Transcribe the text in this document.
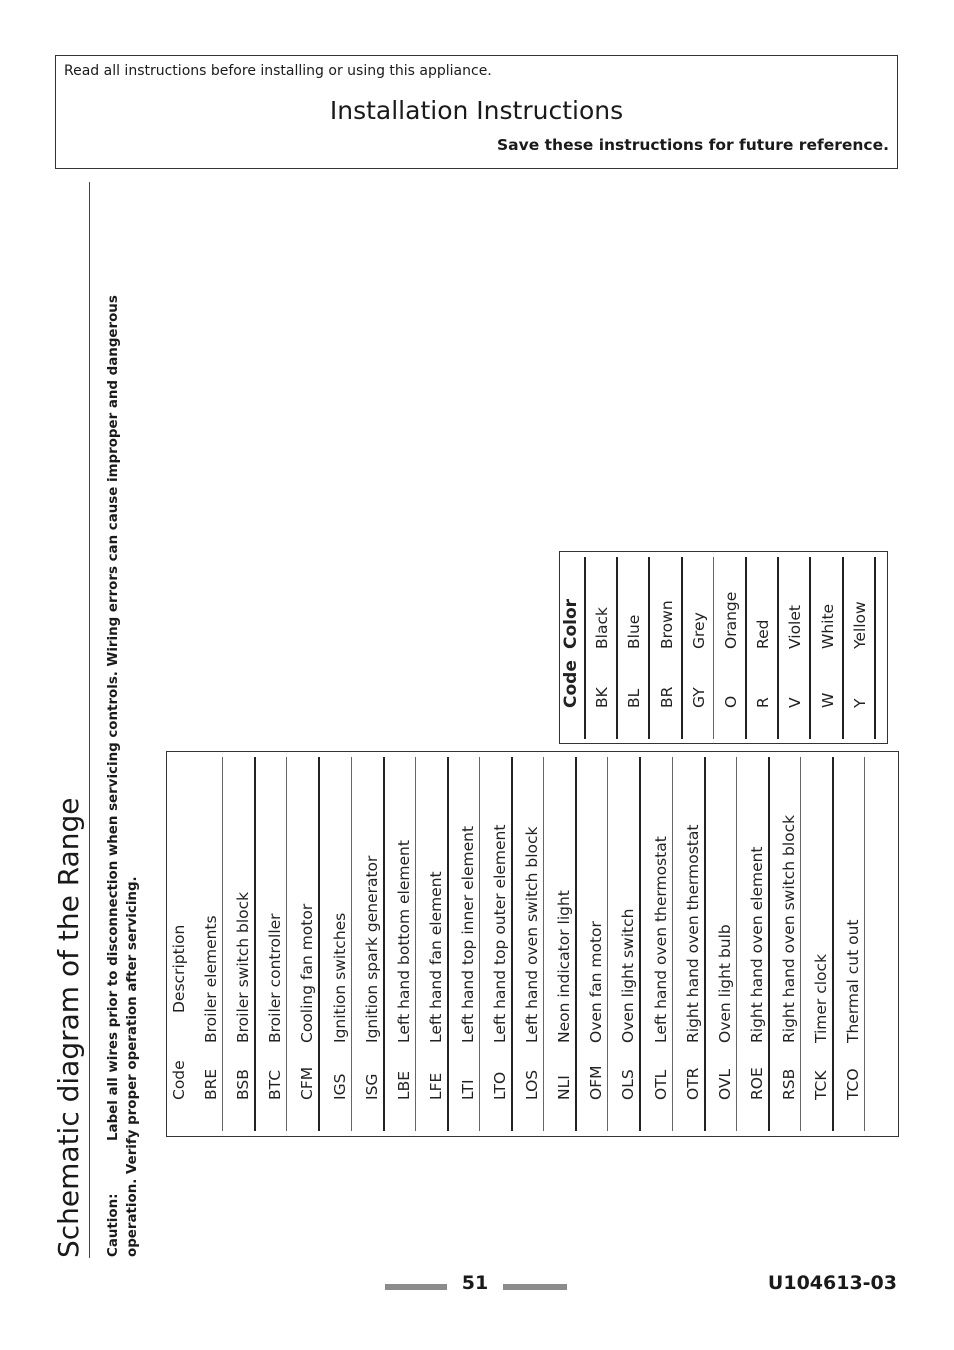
Read all instructions before installing or using this appliance.
Installation Instructions
Save these instructions for future reference.
Schematic diagram of the Range Caution:Label all wires prior to disconnection when servicing controls. Wiring errors can cause improper and dangerous operation. Verify proper operation after servicing.
Code
Color
BK
Black
BL
Blue
BR
Brown
GY
Grey
O
Orange
R
Red
V
Violet
W
White
Y
Yellow
Code
Description
BRE
Broiler elements
BSB
Broiler switch block
BTC
Broiler controller
CFM
Cooling fan motor
IGS
Ignition switches
ISG
Ignition spark generator
LBE
Left hand bottom element
LFE
Left hand fan element
LTI
Left hand top inner element
LTO
Left hand top outer element
LOS
Left hand oven switch block
NLI
Neon indicator light
OFM
Oven fan motor
OLS
Oven light switch
OTL
Left hand oven thermostat
OTR
Right hand oven thermostat
OVL
Oven light bulb
ROE
Right hand oven element
RSB
Right hand oven switch block
TCK
Timer clock
TCO
Thermal cut out
51	U104613-03
